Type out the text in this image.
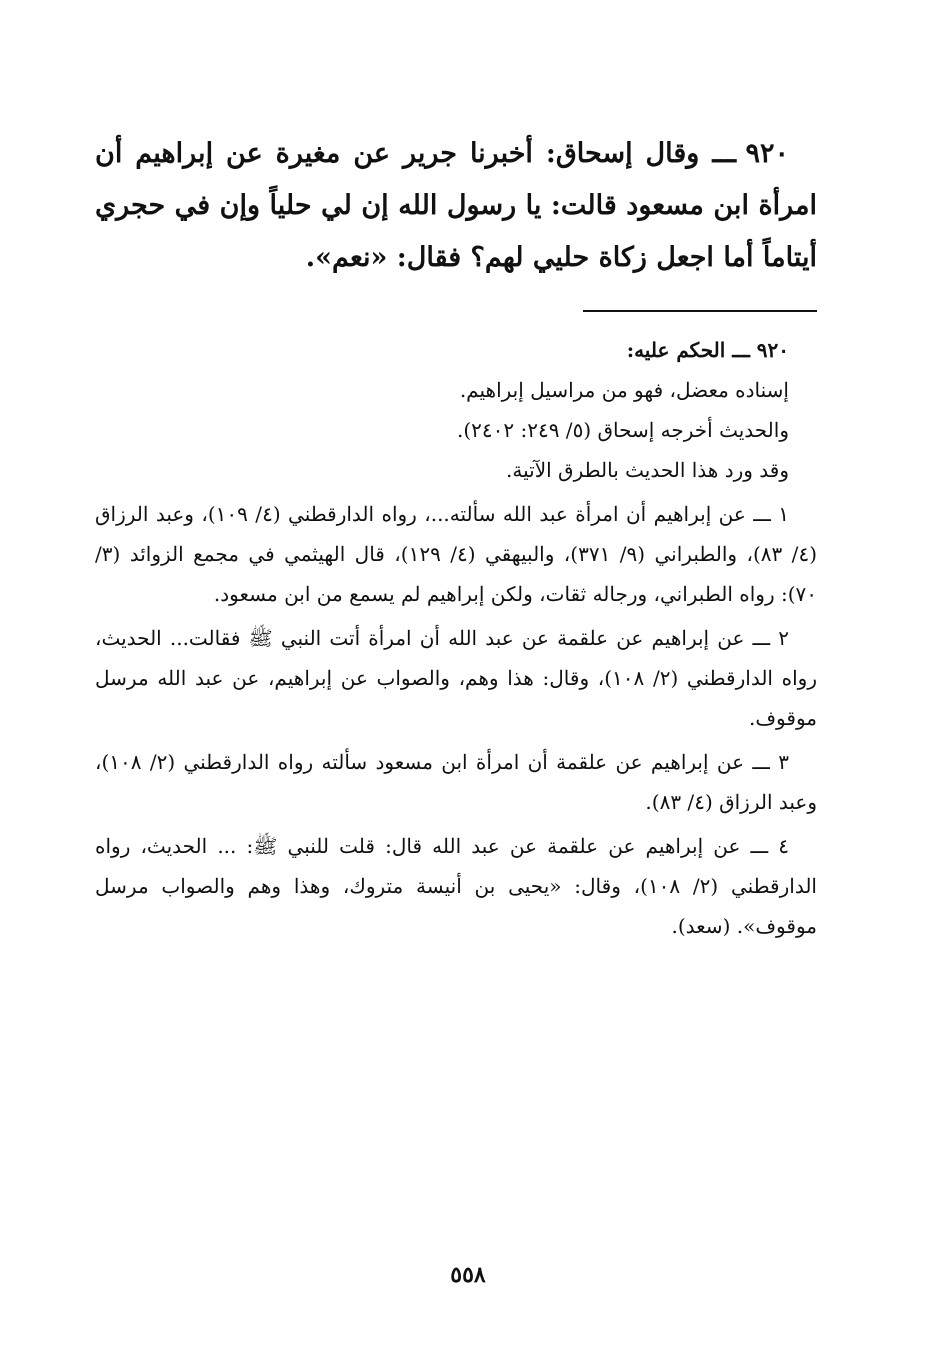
٩٢٠ ـــ وقال إسحاق: أخبرنا جرير عن مغيرة عن إبراهيم أن امرأة ابن مسعود قالت: يا رسول الله إن لي حلياً وإن في حجري أيتاماً أما اجعل زكاة حليي لهم؟ فقال: «نعم».

٩٢٠ ـــ الحكم عليه:

إسناده معضل، فهو من مراسيل إبراهيم.

والحديث أخرجه إسحاق (٥/ ٢٤٩: ٢٤٠٢).

وقد ورد هذا الحديث بالطرق الآتية.

١ ـــ عن إبراهيم أن امرأة عبد الله سألته...، رواه الدارقطني (٤/ ١٠٩)، وعبد الرزاق (٤/ ٨٣)، والطبراني (٩/ ٣٧١)، والبيهقي (٤/ ١٢٩)، قال الهيثمي في مجمع الزوائد (٣/ ٧٠): رواه الطبراني، ورجاله ثقات، ولكن إبراهيم لم يسمع من ابن مسعود.

٢ ـــ عن إبراهيم عن علقمة عن عبد الله أن امرأة أتت النبي ﷺ فقالت... الحديث، رواه الدارقطني (٢/ ١٠٨)، وقال: هذا وهم، والصواب عن إبراهيم، عن عبد الله مرسل موقوف.

٣ ـــ عن إبراهيم عن علقمة أن امرأة ابن مسعود سألته رواه الدارقطني (٢/ ١٠٨)، وعبد الرزاق (٤/ ٨٣).

٤ ـــ عن إبراهيم عن علقمة عن عبد الله قال: قلت للنبي ﷺ: ... الحديث، رواه الدارقطني (٢/ ١٠٨)، وقال: «يحيى بن أنيسة متروك، وهذا وهم والصواب مرسل موقوف». (سعد).

٥٥٨
